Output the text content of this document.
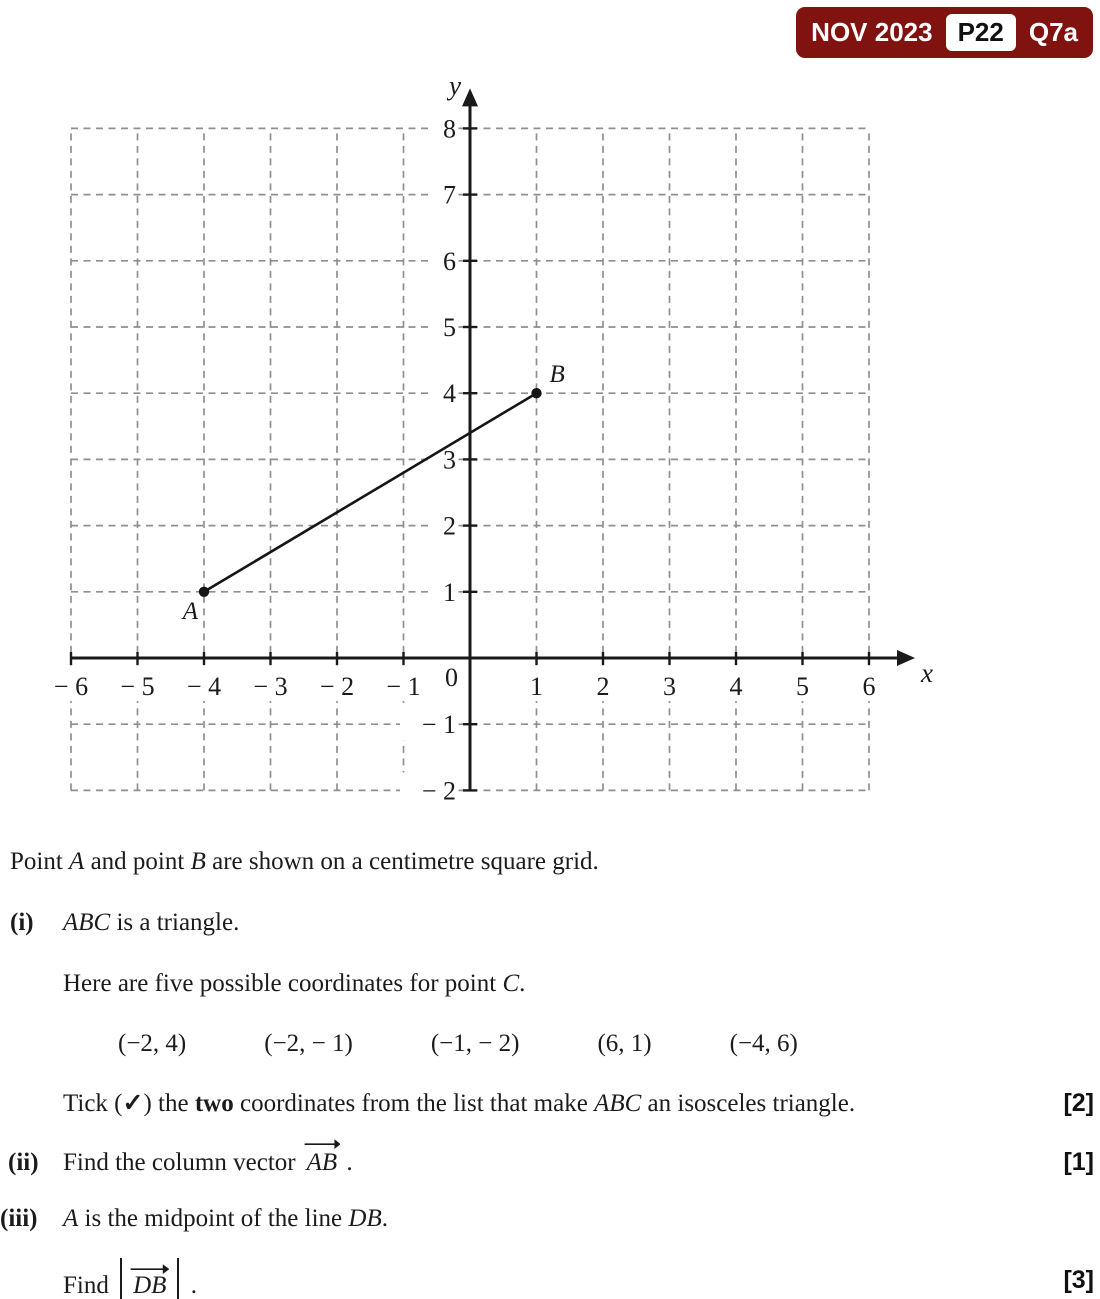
NOV 2023 P22 Q7a
1 2 3 4 5 6
− 6 − 5 − 4 − 3 − 2 − 1
1
2
3
4
5
6
7
8
− 2
− 1
0	x
y
A
B
Point A and point B are shown on a centimetre square grid.
(i) ABC is a triangle.
Here are five possible coordinates for point C.
(−2, 4)	(−2, − 1)	(−1, − 2)	(6, 1)	(−4, 6)
Tick (✓) the two coordinates from the list that make ABC an isosceles triangle.	[2]
(ii) Find the column vector AB .	[1]
(iii) A is the midpoint of the line DB.
Find
DB .	[3]
